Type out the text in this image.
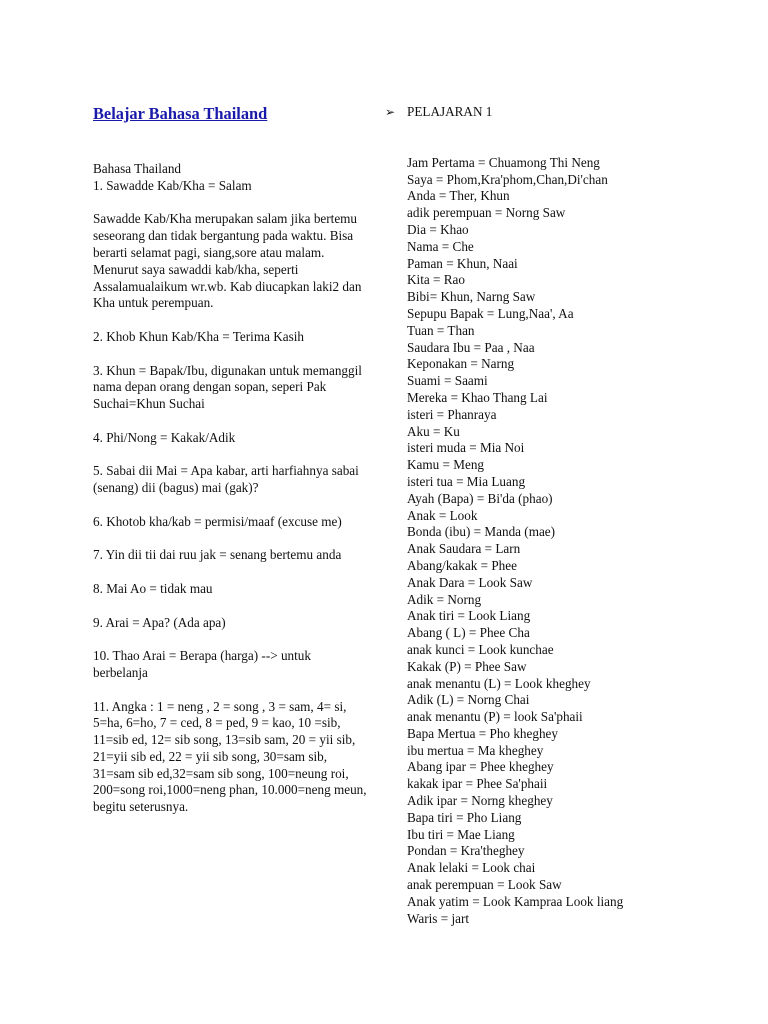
Belajar Bahasa Thailand

Bahasa Thailand

1. Sawadde Kab/Kha = Salam

Sawadde Kab/Kha merupakan salam jika bertemu seseorang dan tidak bergantung pada waktu. Bisa berarti selamat pagi, siang,sore atau malam. Menurut saya sawaddi kab/kha, seperti Assalamualaikum wr.wb. Kab diucapkan laki2 dan Kha untuk perempuan.

2. Khob Khun Kab/Kha = Terima Kasih

3. Khun = Bapak/Ibu, digunakan untuk memanggil nama depan orang dengan sopan, seperi Pak Suchai=Khun Suchai

4. Phi/Nong = Kakak/Adik

5. Sabai dii Mai = Apa kabar, arti harfiahnya sabai (senang) dii (bagus) mai (gak)?

6. Khotob kha/kab = permisi/maaf (excuse me)

7. Yin dii tii dai ruu jak = senang bertemu anda

8. Mai Ao = tidak mau

9. Arai = Apa? (Ada apa)

10. Thao Arai = Berapa (harga) --> untuk berbelanja

11. Angka : 1 = neng , 2 = song , 3 = sam, 4= si, 5=ha, 6=ho, 7 = ced, 8 = ped, 9 = kao, 10 =sib, 11=sib ed, 12= sib song, 13=sib sam, 20 = yii sib, 21=yii sib ed, 22 = yii sib song, 30=sam sib, 31=sam sib ed,32=sam sib song, 100=neung roi, 200=song roi,1000=neng phan, 10.000=neng meun, begitu seterusnya.

➢ PELAJARAN 1
Jam Pertama = Chuamong Thi Neng
Saya = Phom,Kra'phom,Chan,Di'chan
Anda = Ther, Khun
adik perempuan = Norng Saw
Dia = Khao
Nama = Che
Paman = Khun, Naai
Kita = Rao
Bibi= Khun, Narng Saw
Sepupu Bapak = Lung,Naa', Aa
Tuan = Than
Saudara Ibu = Paa , Naa
Keponakan = Narng
Suami = Saami
Mereka = Khao Thang Lai
isteri = Phanraya
Aku = Ku
isteri muda = Mia Noi
Kamu = Meng
isteri tua = Mia Luang
Ayah (Bapa) = Bi'da (phao)
Anak = Look
Bonda (ibu) = Manda (mae)
Anak Saudara = Larn
Abang/kakak = Phee
Anak Dara = Look Saw
Adik = Norng
Anak tiri = Look Liang
Abang ( L) = Phee Cha
anak kunci = Look kunchae
Kakak (P) = Phee Saw
anak menantu (L) = Look kheghey
Adik (L) = Norng Chai
anak menantu (P) = look Sa'phaii
Bapa Mertua = Pho kheghey
ibu mertua = Ma kheghey
Abang ipar = Phee kheghey
kakak ipar = Phee Sa'phaii
Adik ipar = Norng kheghey
Bapa tiri = Pho Liang
Ibu tiri = Mae Liang
Pondan = Kra'theghey
Anak lelaki = Look chai
anak perempuan = Look Saw
Anak yatim = Look Kampraa Look liang
Waris = jart
